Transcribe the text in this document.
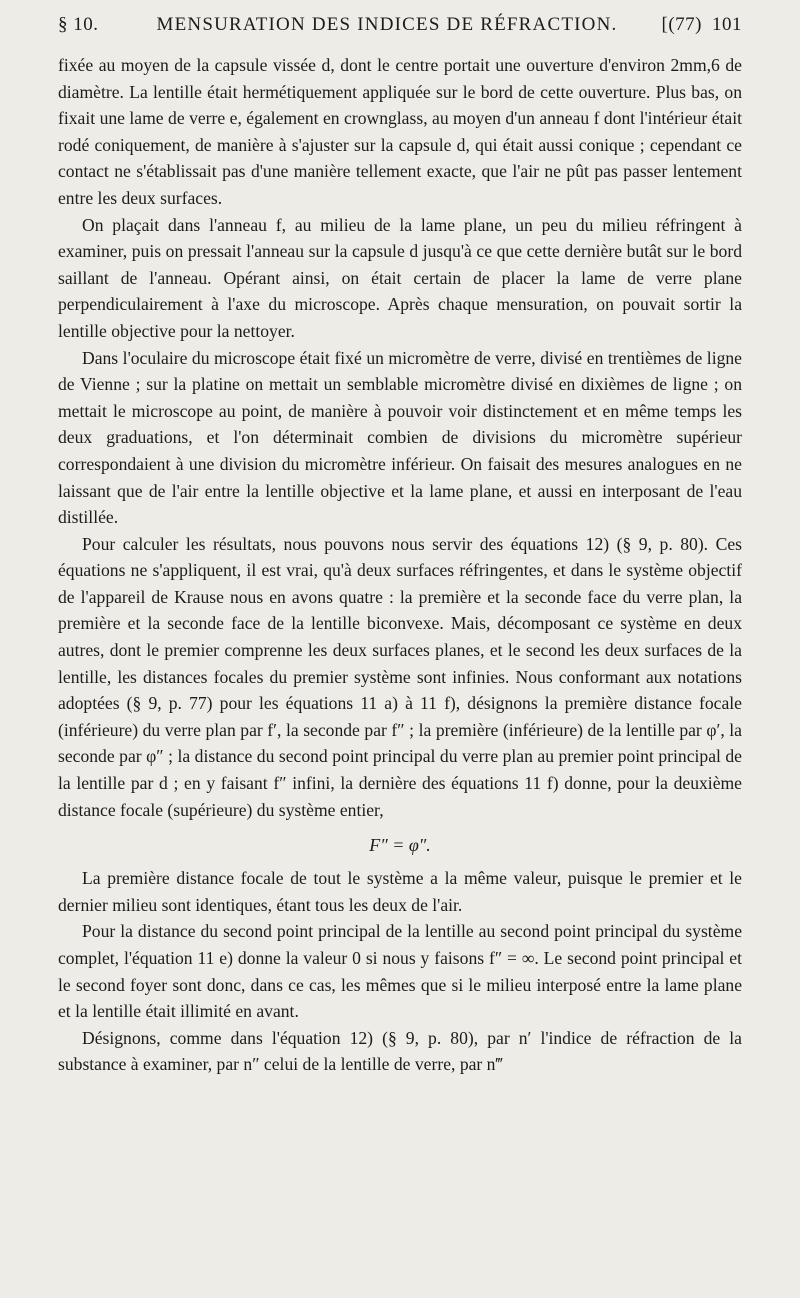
§ 10.	MENSURATION DES INDICES DE RÉFRACTION.	[(77) 101

fixée au moyen de la capsule vissée d, dont le centre portait une ouverture d'environ 2mm,6 de diamètre. La lentille était hermétiquement appliquée sur le bord de cette ouverture. Plus bas, on fixait une lame de verre e, également en crownglass, au moyen d'un anneau f dont l'intérieur était rodé coniquement, de manière à s'ajuster sur la capsule d, qui était aussi conique ; cependant ce contact ne s'établissait pas d'une manière tellement exacte, que l'air ne pût pas passer lentement entre les deux surfaces.

On plaçait dans l'anneau f, au milieu de la lame plane, un peu du milieu réfringent à examiner, puis on pressait l'anneau sur la capsule d jusqu'à ce que cette dernière butât sur le bord saillant de l'anneau. Opérant ainsi, on était certain de placer la lame de verre plane perpendiculairement à l'axe du microscope. Après chaque mensuration, on pouvait sortir la lentille objective pour la nettoyer.

Dans l'oculaire du microscope était fixé un micromètre de verre, divisé en trentièmes de ligne de Vienne ; sur la platine on mettait un semblable micromètre divisé en dixièmes de ligne ; on mettait le microscope au point, de manière à pouvoir voir distinctement et en même temps les deux graduations, et l'on déterminait combien de divisions du micromètre supérieur correspondaient à une division du micromètre inférieur. On faisait des mesures analogues en ne laissant que de l'air entre la lentille objective et la lame plane, et aussi en interposant de l'eau distillée.

Pour calculer les résultats, nous pouvons nous servir des équations 12) (§ 9, p. 80). Ces équations ne s'appliquent, il est vrai, qu'à deux surfaces réfringentes, et dans le système objectif de l'appareil de Krause nous en avons quatre : la première et la seconde face du verre plan, la première et la seconde face de la lentille biconvexe. Mais, décomposant ce système en deux autres, dont le premier comprenne les deux surfaces planes, et le second les deux surfaces de la lentille, les distances focales du premier système sont infinies. Nous conformant aux notations adoptées (§ 9, p. 77) pour les équations 11 a) à 11 f), désignons la première distance focale (inférieure) du verre plan par f′, la seconde par f″ ; la première (inférieure) de la lentille par φ′, la seconde par φ″ ; la distance du second point principal du verre plan au premier point principal de la lentille par d ; en y faisant f″ infini, la dernière des équations 11 f) donne, pour la deuxième distance focale (supérieure) du système entier,

F″ = φ″.

La première distance focale de tout le système a la même valeur, puisque le premier et le dernier milieu sont identiques, étant tous les deux de l'air.

Pour la distance du second point principal de la lentille au second point principal du système complet, l'équation 11 e) donne la valeur 0 si nous y faisons f″ = ∞. Le second point principal et le second foyer sont donc, dans ce cas, les mêmes que si le milieu interposé entre la lame plane et la lentille était illimité en avant.

Désignons, comme dans l'équation 12) (§ 9, p. 80), par n′ l'indice de réfraction de la substance à examiner, par n″ celui de la lentille de verre, par n‴
